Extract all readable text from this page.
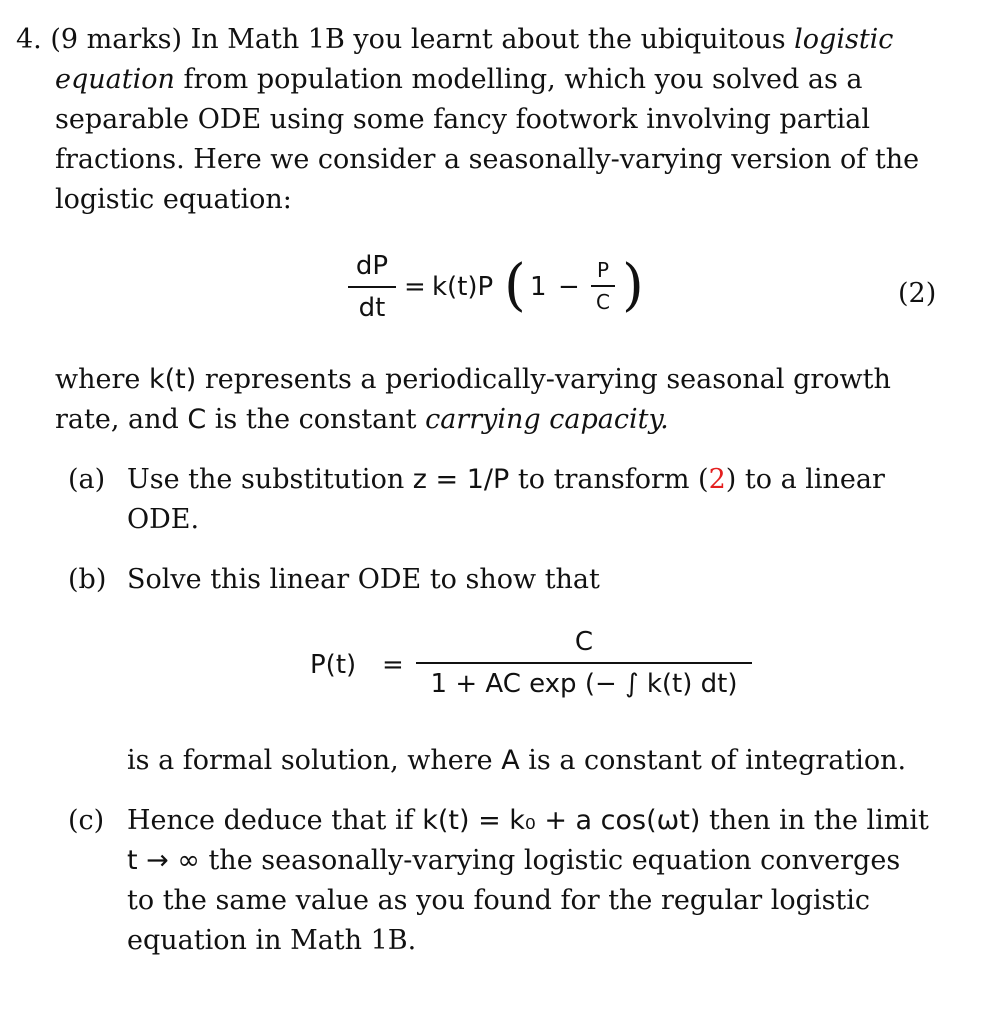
4. (9 marks) In Math 1B you learnt about the ubiquitous logistic
equation from population modelling, which you solved as a
separable ODE using some fancy footwork involving partial
fractions. Here we consider a seasonally-varying version of the
logistic equation:
dP
dt
= k(t)P ( 1 −
P
C )	(2)
where k(t) represents a periodically-varying seasonal growth
rate, and C is the constant carrying capacity.
(a) Use the substitution z = 1/P to transform (2) to a linear
ODE.
(b) Solve this linear ODE to show that
P(t) =
C
1 + AC exp (− ∫ k(t) dt)
is a formal solution, where A is a constant of integration.
(c) Hence deduce that if k(t) = k₀ + a cos(ωt) then in the limit
t → ∞ the seasonally-varying logistic equation converges
to the same value as you found for the regular logistic
equation in Math 1B.
